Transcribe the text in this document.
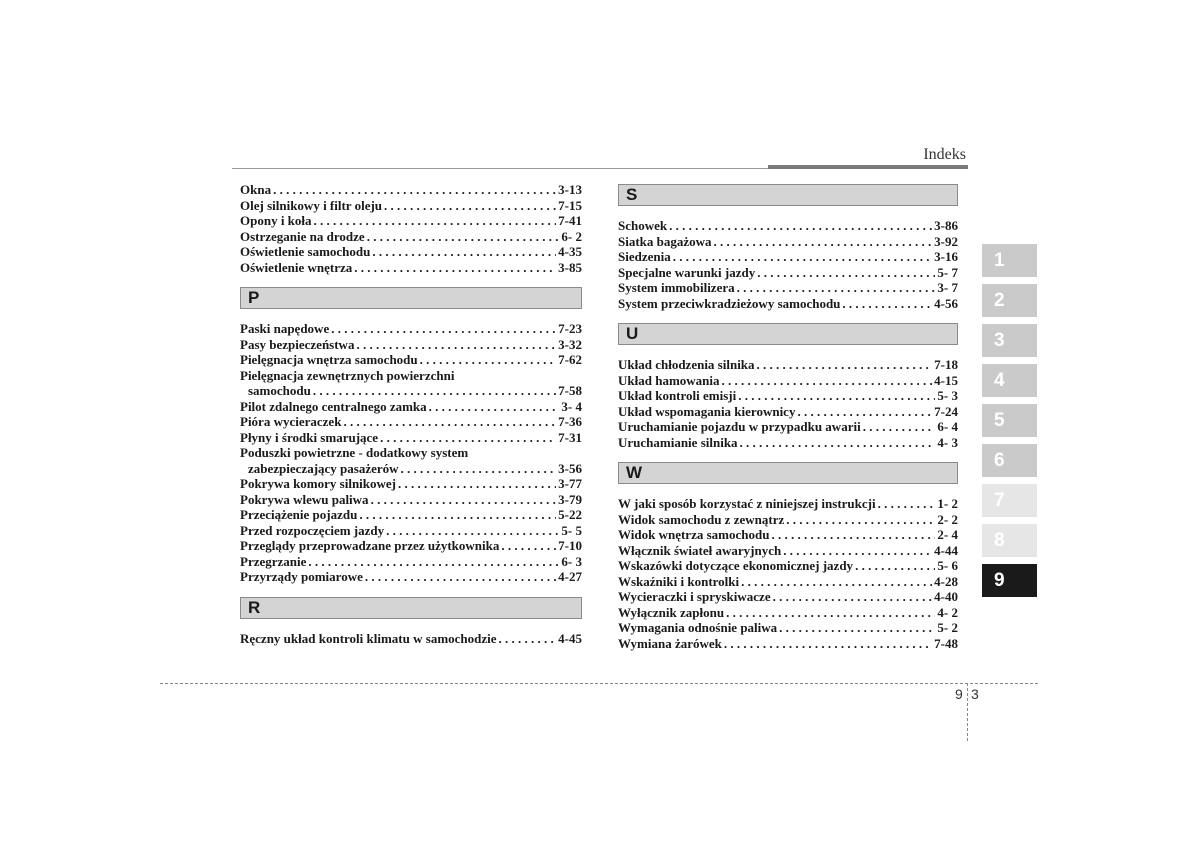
Indeks
Okna . . .	3-13
Olej silnikowy i filtr oleju . . .	7-15
Opony i koła . . .	7-41
Ostrzeganie na drodze . . .	6- 2
Oświetlenie samochodu . . .	4-35
Oświetlenie wnętrza . . .	3-85
P
Paski napędowe . . .	7-23
Pasy bezpieczeństwa . . .	3-32
Pielęgnacja wnętrza samochodu . . .	7-62
Pielęgnacja zewnętrznych powierzchni
samochodu . . .	7-58
Pilot zdalnego centralnego zamka . . .	3- 4
Pióra wycieraczek . . .	7-36
Płyny i środki smarujące . . .	7-31
Poduszki powietrzne - dodatkowy system
zabezpieczający pasażerów . . .	3-56
Pokrywa komory silnikowej . . .	3-77
Pokrywa wlewu paliwa . . .	3-79
Przeciążenie pojazdu . . .	5-22
Przed rozpoczęciem jazdy . . .	5- 5
Przeglądy przeprowadzane przez użytkownika . . .	7-10
Przegrzanie . . .	6- 3
Przyrządy pomiarowe . . .	4-27
R
Ręczny układ kontroli klimatu w samochodzie . . .	4-45
S
Schowek . . .	3-86
Siatka bagażowa . . .	3-92
Siedzenia . . .	3-16
Specjalne warunki jazdy . . .	5- 7
System immobilizera . . .	3- 7
System przeciwkradzieżowy samochodu . . .	4-56
U
Układ chłodzenia silnika . . .	7-18
Układ hamowania . . .	4-15
Układ kontroli emisji . . .	5- 3
Układ wspomagania kierownicy . . .	7-24
Uruchamianie pojazdu w przypadku awarii . . .	6- 4
Uruchamianie silnika . . .	4- 3
W
W jaki sposób korzystać z niniejszej instrukcji . . .	1- 2
Widok samochodu z zewnątrz . . .	2- 2
Widok wnętrza samochodu . . .	2- 4
Włącznik świateł awaryjnych . . .	4-44
Wskazówki dotyczące ekonomicznej jazdy . . .	5- 6
Wskaźniki i kontrolki . . .	4-28
Wycieraczki i spryskiwacze . . .	4-40
Wyłącznik zapłonu . . .	4- 2
Wymagania odnośnie paliwa . . .	5- 2
Wymiana żarówek . . .	7-48
1
2
3
4
5
6
7
8
9
9 3
